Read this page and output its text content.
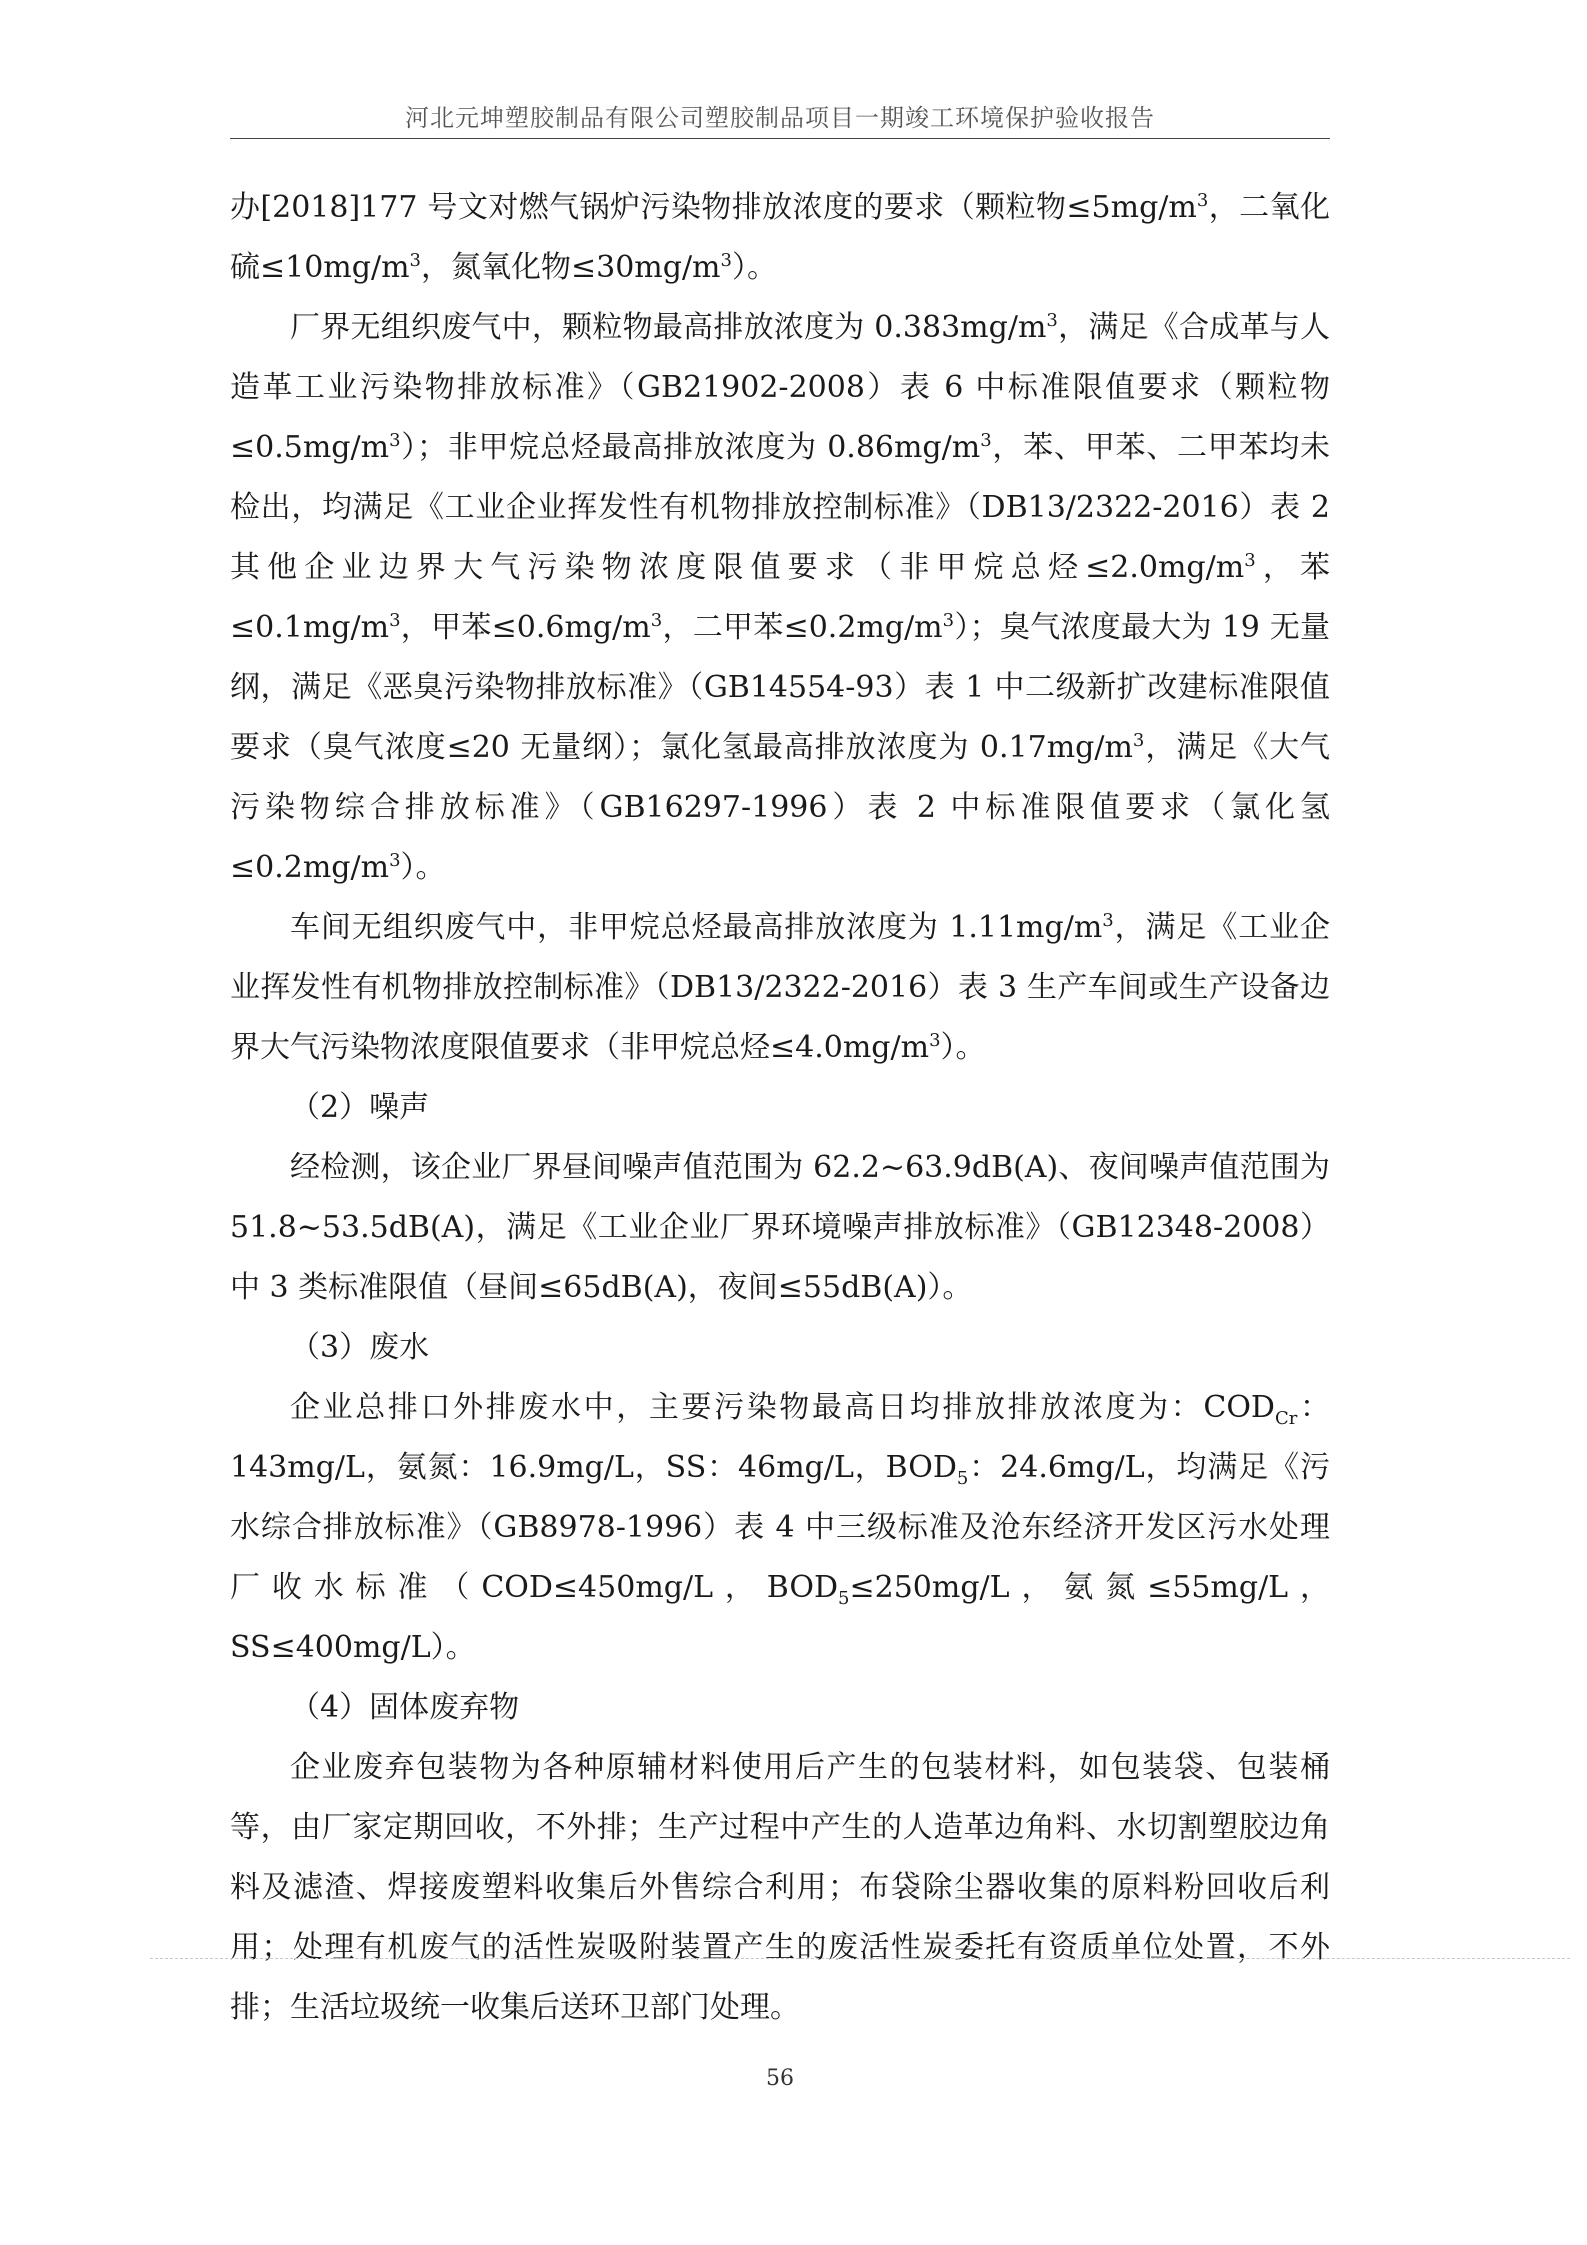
河北元坤塑胶制品有限公司塑胶制品项目一期竣工环境保护验收报告

办[2018]177 号文对燃气锅炉污染物排放浓度的要求（颗粒物$\le 5mg/m^3$，二氧化硫$\le 10mg/m^3$，氮氧化物$\le 30mg/m^3$）。

厂界无组织废气中，颗粒物最高排放浓度为 $0.383mg/m^3$，满足《合成革与人造革工业污染物排放标准》（GB21902-2008）表 6 中标准限值要求（颗粒物$\le 0.5mg/m^3$）；非甲烷总烃最高排放浓度为 $0.86mg/m^3$，苯、甲苯、二甲苯均未检出，均满足《工业企业挥发性有机物排放控制标准》（DB13/2322-2016）表 2 其他企业边界大气污染物浓度限值要求（非甲烷总烃$\le 2.0mg/m^3$，苯$\le 0.1mg/m^3$，甲苯$\le 0.6mg/m^3$，二甲苯$\le 0.2mg/m^3$）；臭气浓度最大为 19 无量纲，满足《恶臭污染物排放标准》（GB14554-93）表 1 中二级新扩改建标准限值要求（臭气浓度≤20 无量纲）；氯化氢最高排放浓度为 $0.17mg/m^3$，满足《大气污染物综合排放标准》（GB16297-1996）表 2 中标准限值要求（氯化氢$\le 0.2mg/m^3$）。

车间无组织废气中，非甲烷总烃最高排放浓度为 $1.11mg/m^3$，满足《工业企业挥发性有机物排放控制标准》（DB13/2322-2016）表 3 生产车间或生产设备边界大气污染物浓度限值要求（非甲烷总烃$\le 4.0mg/m^3$）。

（2）噪声

经检测，该企业厂界昼间噪声值范围为 62.2~63.9dB(A)、夜间噪声值范围为 51.8~53.5dB(A)，满足《工业企业厂界环境噪声排放标准》（GB12348-2008）中 3 类标准限值（昼间≤65dB(A)，夜间≤55dB(A)）。

（3）废水

企业总排口外排废水中，主要污染物最高日均排放排放浓度为：$COD_{Cr}$：143mg/L，氨氮：16.9mg/L，SS：46mg/L，$BOD_5$：24.6mg/L，均满足《污水综合排放标准》（GB8978-1996）表 4 中三级标准及沧东经济开发区污水处理厂收水标准（COD≤450mg/L，$BOD_5\le 250mg/L$，氨氮≤55mg/L，SS≤400mg/L）。

（4）固体废弃物

企业废弃包装物为各种原辅材料使用后产生的包装材料，如包装袋、包装桶等，由厂家定期回收，不外排；生产过程中产生的人造革边角料、水切割塑胶边角料及滤渣、焊接废塑料收集后外售综合利用；布袋除尘器收集的原料粉回收后利用；处理有机废气的活性炭吸附装置产生的废活性炭委托有资质单位处置，不外排；生活垃圾统一收集后送环卫部门处理。

56
